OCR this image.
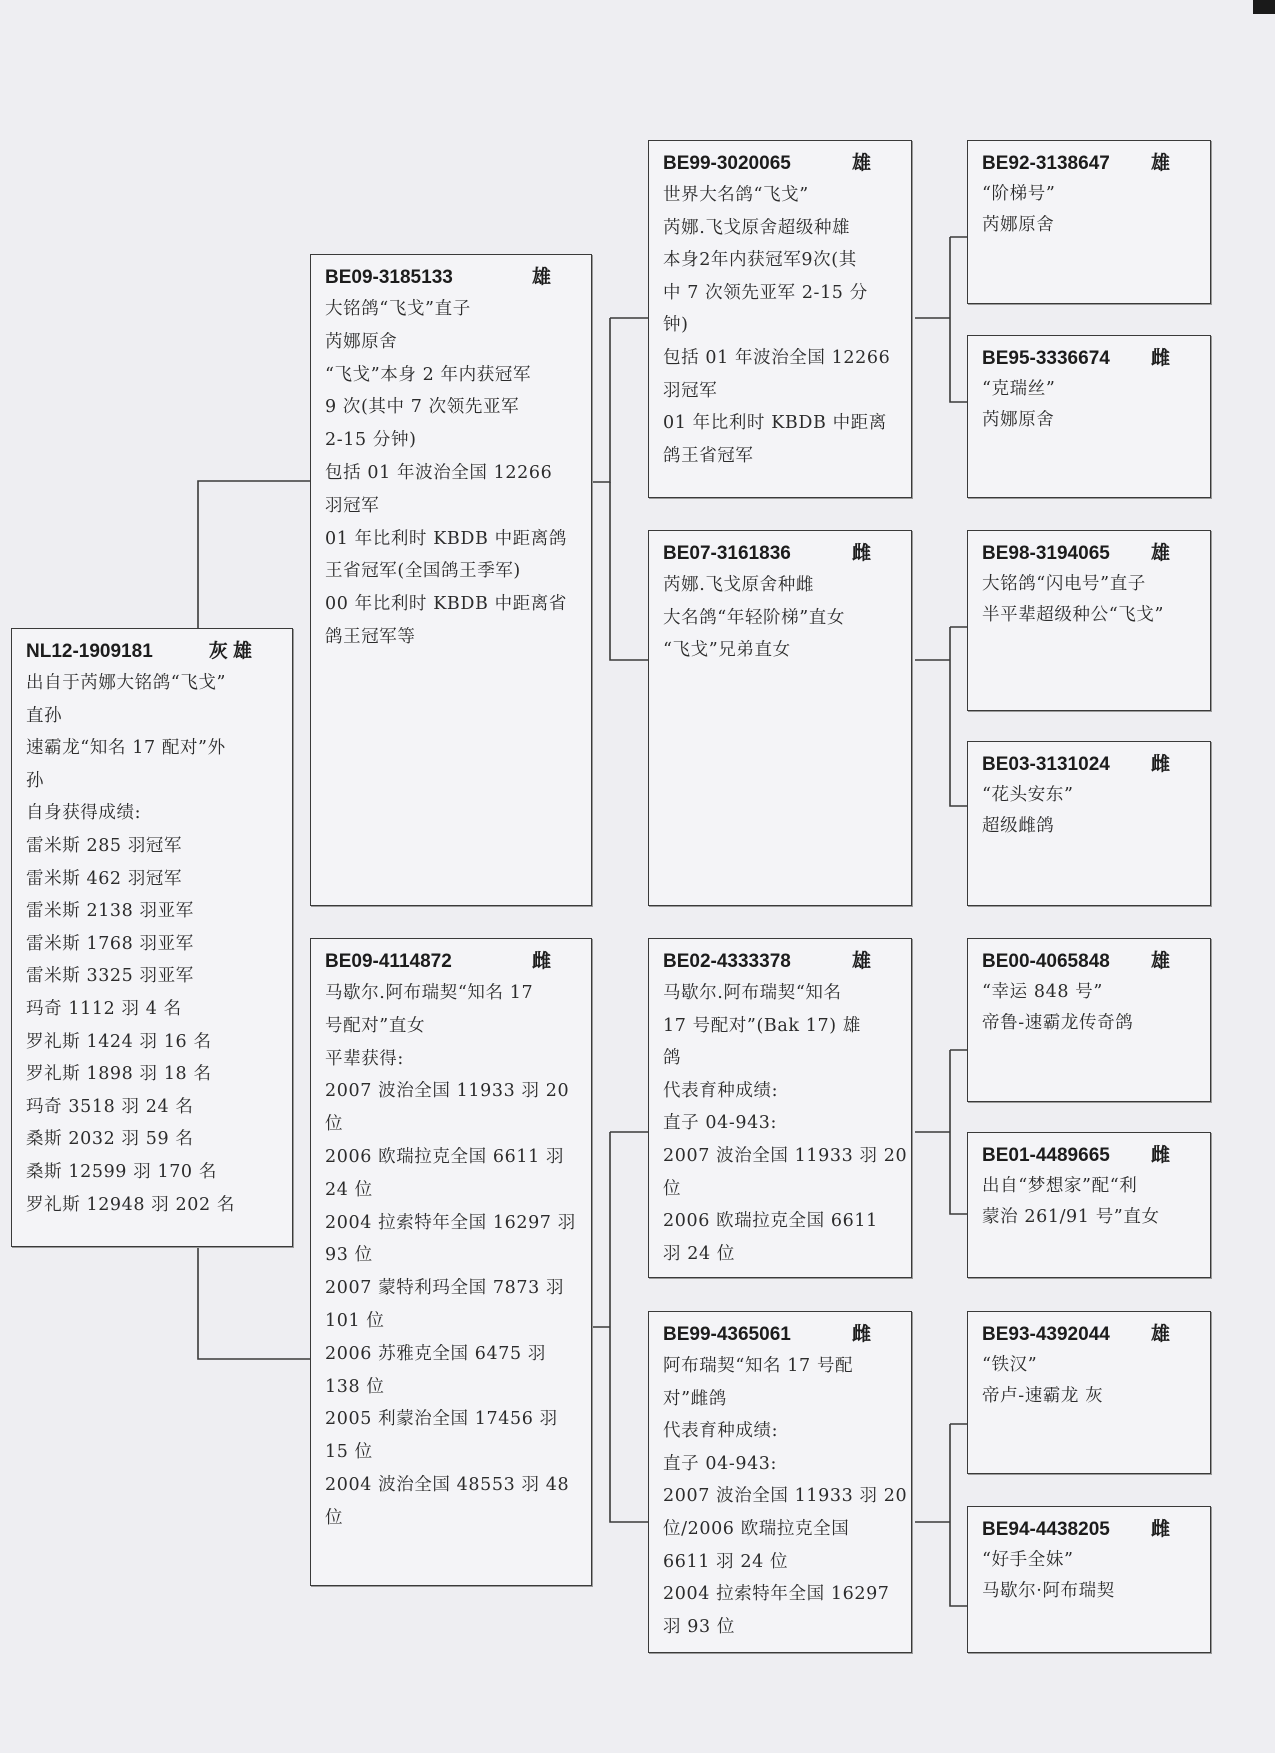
NL12-1909181	灰 雄
出自于芮娜大铭鸽“飞戈”
直孙
速霸龙“知名 17 配对”外
孙
自身获得成绩:
雷米斯 285 羽冠军
雷米斯 462 羽冠军
雷米斯 2138 羽亚军
雷米斯 1768 羽亚军
雷米斯 3325 羽亚军
玛奇 1112 羽 4 名
罗礼斯 1424 羽 16 名
罗礼斯 1898 羽 18 名
玛奇 3518 羽 24 名
桑斯 2032 羽 59 名
桑斯 12599 羽 170 名
罗礼斯 12948 羽 202 名
BE09-3185133	雄
大铭鸽“飞戈”直子
芮娜原舍
“飞戈”本身 2 年内获冠军
9 次(其中 7 次领先亚军
2-15 分钟)
包括 01 年波治全国 12266
羽冠军
01 年比利时 KBDB 中距离鸽
王省冠军(全国鸽王季军)
00 年比利时 KBDB 中距离省
鸽王冠军等
BE09-4114872	雌
马歇尔.阿布瑞契“知名 17
号配对”直女
平辈获得:
2007 波治全国 11933 羽 20
位
2006 欧瑞拉克全国 6611 羽
24 位
2004 拉索特年全国 16297 羽
93 位
2007 蒙特利玛全国 7873 羽
101 位
2006 苏雅克全国 6475 羽
138 位
2005 利蒙治全国 17456 羽
15 位
2004 波治全国 48553 羽 48
位
BE99-3020065	雄
世界大名鸽“飞戈”
芮娜.飞戈原舍超级种雄
本身2年内获冠军9次(其
中 7 次领先亚军 2-15 分
钟)
包括 01 年波治全国 12266
羽冠军
01 年比利时 KBDB 中距离
鸽王省冠军
BE07-3161836	雌
芮娜.飞戈原舍种雌
大名鸽“年轻阶梯”直女
“飞戈”兄弟直女
BE02-4333378	雄
马歇尔.阿布瑞契“知名
17 号配对”(Bak 17) 雄
鸽
代表育种成绩:
直子 04-943:
2007 波治全国 11933 羽 20
位
2006 欧瑞拉克全国 6611
羽 24 位
BE99-4365061	雌
阿布瑞契“知名 17 号配
对”雌鸽
代表育种成绩:
直子 04-943:
2007 波治全国 11933 羽 20
位/2006 欧瑞拉克全国
6611 羽 24 位
2004 拉索特年全国 16297
羽 93 位
BE92-3138647 雄
“阶梯号”
芮娜原舍
BE95-3336674 雌
“克瑞丝”
芮娜原舍
BE98-3194065 雄
大铭鸽“闪电号”直子
半平辈超级种公“飞戈”
BE03-3131024 雌
“花头安东”
超级雌鸽
BE00-4065848 雄
“幸运 848 号”
帝鲁-速霸龙传奇鸽
BE01-4489665 雌
出自“梦想家”配“利
蒙治 261/91 号”直女
BE93-4392044 雄
“铁汉”
帝卢-速霸龙 灰
BE94-4438205 雌
“好手全妹”
马歇尔·阿布瑞契
